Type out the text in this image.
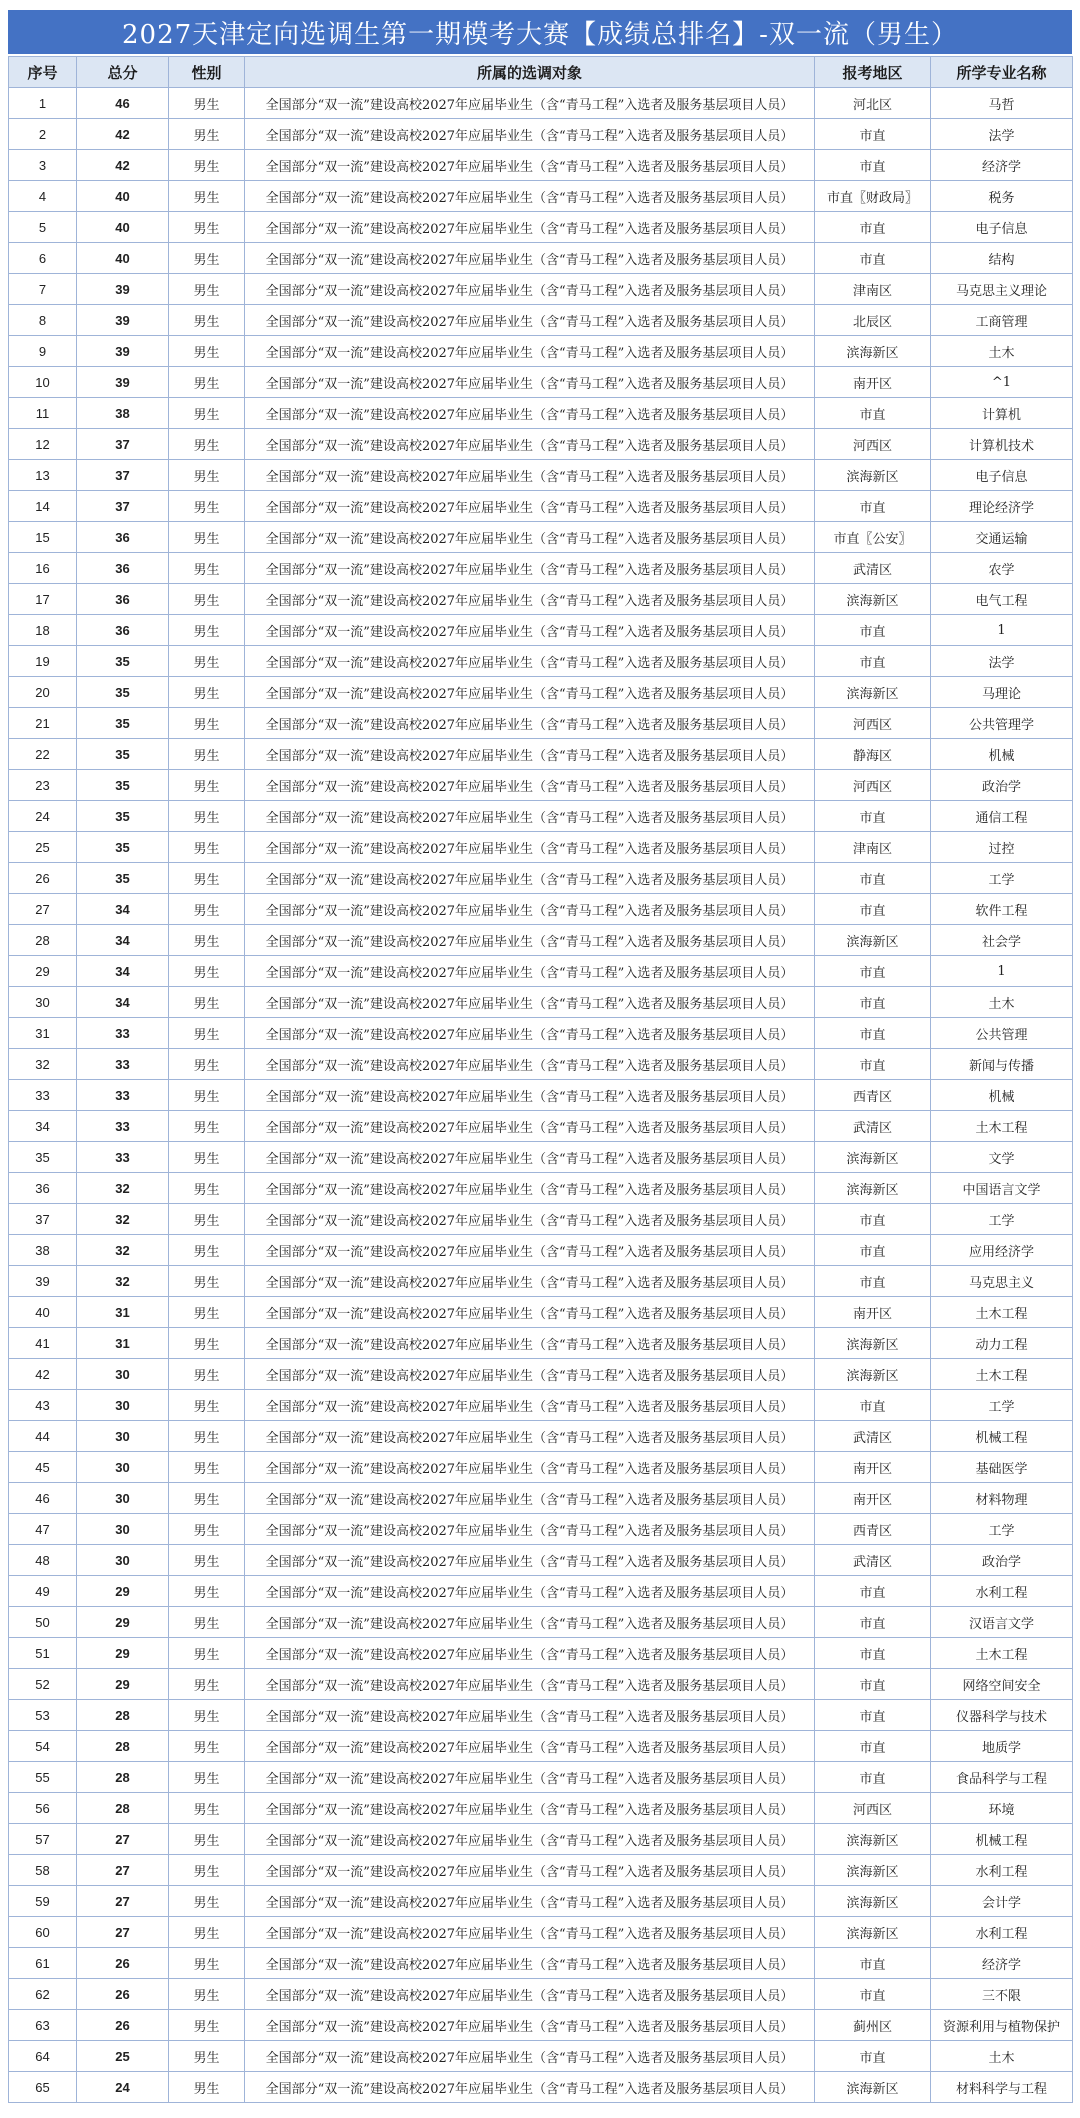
2027天津定向选调生第一期模考大赛【成绩总排名】-双一流（男生）
序号	总分	性别	所属的选调对象	报考地区	所学专业名称
1	46	男生	全国部分“双一流”建设高校2027年应届毕业生（含“青马工程”入选者及服务基层项目人员）	河北区	马哲
2	42	男生	全国部分“双一流”建设高校2027年应届毕业生（含“青马工程”入选者及服务基层项目人员）	市直	法学
3	42	男生	全国部分“双一流”建设高校2027年应届毕业生（含“青马工程”入选者及服务基层项目人员）	市直	经济学
4	40	男生	全国部分“双一流”建设高校2027年应届毕业生（含“青马工程”入选者及服务基层项目人员）	市直〖财政局〗	税务
5	40	男生	全国部分“双一流”建设高校2027年应届毕业生（含“青马工程”入选者及服务基层项目人员）	市直	电子信息
6	40	男生	全国部分“双一流”建设高校2027年应届毕业生（含“青马工程”入选者及服务基层项目人员）	市直	结构
7	39	男生	全国部分“双一流”建设高校2027年应届毕业生（含“青马工程”入选者及服务基层项目人员）	津南区	马克思主义理论
8	39	男生	全国部分“双一流”建设高校2027年应届毕业生（含“青马工程”入选者及服务基层项目人员）	北辰区	工商管理
9	39	男生	全国部分“双一流”建设高校2027年应届毕业生（含“青马工程”入选者及服务基层项目人员）	滨海新区	土木
10	39	男生	全国部分“双一流”建设高校2027年应届毕业生（含“青马工程”入选者及服务基层项目人员）	南开区	^1
11	38	男生	全国部分“双一流”建设高校2027年应届毕业生（含“青马工程”入选者及服务基层项目人员）	市直	计算机
12	37	男生	全国部分“双一流”建设高校2027年应届毕业生（含“青马工程”入选者及服务基层项目人员）	河西区	计算机技术
13	37	男生	全国部分“双一流”建设高校2027年应届毕业生（含“青马工程”入选者及服务基层项目人员）	滨海新区	电子信息
14	37	男生	全国部分“双一流”建设高校2027年应届毕业生（含“青马工程”入选者及服务基层项目人员）	市直	理论经济学
15	36	男生	全国部分“双一流”建设高校2027年应届毕业生（含“青马工程”入选者及服务基层项目人员）	市直〖公安〗	交通运输
16	36	男生	全国部分“双一流”建设高校2027年应届毕业生（含“青马工程”入选者及服务基层项目人员）	武清区	农学
17	36	男生	全国部分“双一流”建设高校2027年应届毕业生（含“青马工程”入选者及服务基层项目人员）	滨海新区	电气工程
18	36	男生	全国部分“双一流”建设高校2027年应届毕业生（含“青马工程”入选者及服务基层项目人员）	市直	1
19	35	男生	全国部分“双一流”建设高校2027年应届毕业生（含“青马工程”入选者及服务基层项目人员）	市直	法学
20	35	男生	全国部分“双一流”建设高校2027年应届毕业生（含“青马工程”入选者及服务基层项目人员）	滨海新区	马理论
21	35	男生	全国部分“双一流”建设高校2027年应届毕业生（含“青马工程”入选者及服务基层项目人员）	河西区	公共管理学
22	35	男生	全国部分“双一流”建设高校2027年应届毕业生（含“青马工程”入选者及服务基层项目人员）	静海区	机械
23	35	男生	全国部分“双一流”建设高校2027年应届毕业生（含“青马工程”入选者及服务基层项目人员）	河西区	政治学
24	35	男生	全国部分“双一流”建设高校2027年应届毕业生（含“青马工程”入选者及服务基层项目人员）	市直	通信工程
25	35	男生	全国部分“双一流”建设高校2027年应届毕业生（含“青马工程”入选者及服务基层项目人员）	津南区	过控
26	35	男生	全国部分“双一流”建设高校2027年应届毕业生（含“青马工程”入选者及服务基层项目人员）	市直	工学
27	34	男生	全国部分“双一流”建设高校2027年应届毕业生（含“青马工程”入选者及服务基层项目人员）	市直	软件工程
28	34	男生	全国部分“双一流”建设高校2027年应届毕业生（含“青马工程”入选者及服务基层项目人员）	滨海新区	社会学
29	34	男生	全国部分“双一流”建设高校2027年应届毕业生（含“青马工程”入选者及服务基层项目人员）	市直	1
30	34	男生	全国部分“双一流”建设高校2027年应届毕业生（含“青马工程”入选者及服务基层项目人员）	市直	土木
31	33	男生	全国部分“双一流”建设高校2027年应届毕业生（含“青马工程”入选者及服务基层项目人员）	市直	公共管理
32	33	男生	全国部分“双一流”建设高校2027年应届毕业生（含“青马工程”入选者及服务基层项目人员）	市直	新闻与传播
33	33	男生	全国部分“双一流”建设高校2027年应届毕业生（含“青马工程”入选者及服务基层项目人员）	西青区	机械
34	33	男生	全国部分“双一流”建设高校2027年应届毕业生（含“青马工程”入选者及服务基层项目人员）	武清区	土木工程
35	33	男生	全国部分“双一流”建设高校2027年应届毕业生（含“青马工程”入选者及服务基层项目人员）	滨海新区	文学
36	32	男生	全国部分“双一流”建设高校2027年应届毕业生（含“青马工程”入选者及服务基层项目人员）	滨海新区	中国语言文学
37	32	男生	全国部分“双一流”建设高校2027年应届毕业生（含“青马工程”入选者及服务基层项目人员）	市直	工学
38	32	男生	全国部分“双一流”建设高校2027年应届毕业生（含“青马工程”入选者及服务基层项目人员）	市直	应用经济学
39	32	男生	全国部分“双一流”建设高校2027年应届毕业生（含“青马工程”入选者及服务基层项目人员）	市直	马克思主义
40	31	男生	全国部分“双一流”建设高校2027年应届毕业生（含“青马工程”入选者及服务基层项目人员）	南开区	土木工程
41	31	男生	全国部分“双一流”建设高校2027年应届毕业生（含“青马工程”入选者及服务基层项目人员）	滨海新区	动力工程
42	30	男生	全国部分“双一流”建设高校2027年应届毕业生（含“青马工程”入选者及服务基层项目人员）	滨海新区	土木工程
43	30	男生	全国部分“双一流”建设高校2027年应届毕业生（含“青马工程”入选者及服务基层项目人员）	市直	工学
44	30	男生	全国部分“双一流”建设高校2027年应届毕业生（含“青马工程”入选者及服务基层项目人员）	武清区	机械工程
45	30	男生	全国部分“双一流”建设高校2027年应届毕业生（含“青马工程”入选者及服务基层项目人员）	南开区	基础医学
46	30	男生	全国部分“双一流”建设高校2027年应届毕业生（含“青马工程”入选者及服务基层项目人员）	南开区	材料物理
47	30	男生	全国部分“双一流”建设高校2027年应届毕业生（含“青马工程”入选者及服务基层项目人员）	西青区	工学
48	30	男生	全国部分“双一流”建设高校2027年应届毕业生（含“青马工程”入选者及服务基层项目人员）	武清区	政治学
49	29	男生	全国部分“双一流”建设高校2027年应届毕业生（含“青马工程”入选者及服务基层项目人员）	市直	水利工程
50	29	男生	全国部分“双一流”建设高校2027年应届毕业生（含“青马工程”入选者及服务基层项目人员）	市直	汉语言文学
51	29	男生	全国部分“双一流”建设高校2027年应届毕业生（含“青马工程”入选者及服务基层项目人员）	市直	土木工程
52	29	男生	全国部分“双一流”建设高校2027年应届毕业生（含“青马工程”入选者及服务基层项目人员）	市直	网络空间安全
53	28	男生	全国部分“双一流”建设高校2027年应届毕业生（含“青马工程”入选者及服务基层项目人员）	市直	仪器科学与技术
54	28	男生	全国部分“双一流”建设高校2027年应届毕业生（含“青马工程”入选者及服务基层项目人员）	市直	地质学
55	28	男生	全国部分“双一流”建设高校2027年应届毕业生（含“青马工程”入选者及服务基层项目人员）	市直	食品科学与工程
56	28	男生	全国部分“双一流”建设高校2027年应届毕业生（含“青马工程”入选者及服务基层项目人员）	河西区	环境
57	27	男生	全国部分“双一流”建设高校2027年应届毕业生（含“青马工程”入选者及服务基层项目人员）	滨海新区	机械工程
58	27	男生	全国部分“双一流”建设高校2027年应届毕业生（含“青马工程”入选者及服务基层项目人员）	滨海新区	水利工程
59	27	男生	全国部分“双一流”建设高校2027年应届毕业生（含“青马工程”入选者及服务基层项目人员）	滨海新区	会计学
60	27	男生	全国部分“双一流”建设高校2027年应届毕业生（含“青马工程”入选者及服务基层项目人员）	滨海新区	水利工程
61	26	男生	全国部分“双一流”建设高校2027年应届毕业生（含“青马工程”入选者及服务基层项目人员）	市直	经济学
62	26	男生	全国部分“双一流”建设高校2027年应届毕业生（含“青马工程”入选者及服务基层项目人员）	市直	三不限
63	26	男生	全国部分“双一流”建设高校2027年应届毕业生（含“青马工程”入选者及服务基层项目人员）	蓟州区	资源利用与植物保护
64	25	男生	全国部分“双一流”建设高校2027年应届毕业生（含“青马工程”入选者及服务基层项目人员）	市直	土木
65	24	男生	全国部分“双一流”建设高校2027年应届毕业生（含“青马工程”入选者及服务基层项目人员）	滨海新区	材料科学与工程
